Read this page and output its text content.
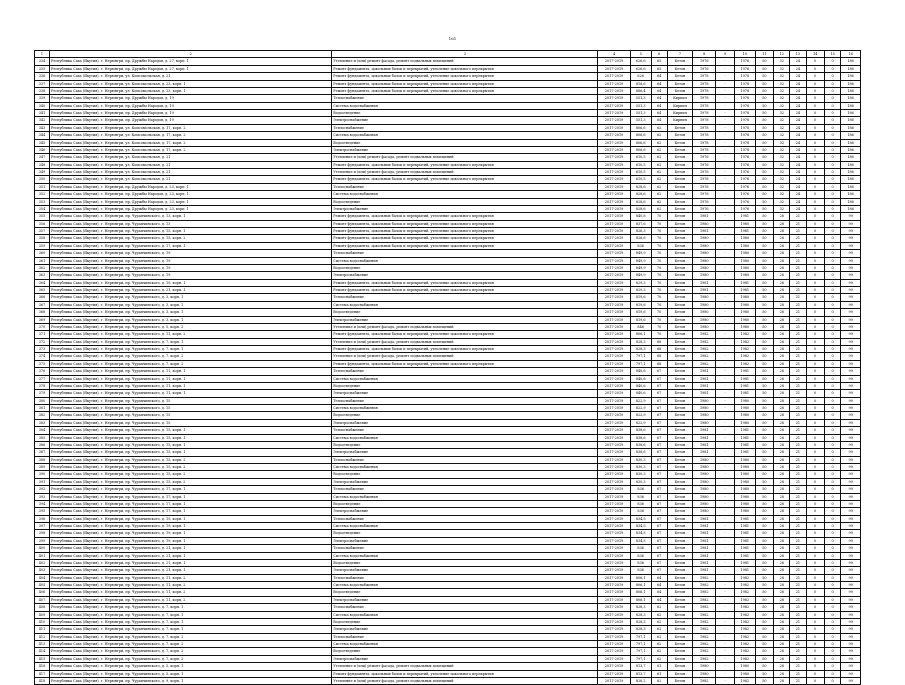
161
1	2	3	4	5	6	7	8	9	10	11	12	13	14	15	16
334	Республика Саха (Якутия), г. Нерюнгри, пр. Дружбы Народов, д. 27, корп. 1	Утепление и (или) ремонт фасада, ремонт подвальных помещений	2017-2019	626,6	65	Бетон	1976	-	1976	50	32	24	0	0	186
335	Республика Саха (Якутия), г. Нерюнгри, пр. Дружбы Народов, д. 27, корп. 1	Ремонт фундамента, цокольных балок и перекрытий, утепление цокольного перекрытия	2017-2019	626,6	65	Бетон	1976	-	1976	50	32	24	0	0	186
336	Республика Саха (Якутия), г. Нерюнгри, ул. Комсомольская, д. 21	Ремонт фундамента, цокольных балок и перекрытий, утепление цокольного перекрытия	2017-2019	626	64	Бетон	1978	-	1978	50	32	24	0	0	186
337	Республика Саха (Якутия), г. Нерюнгри, ул. Комсомольская, д. 23, корп. 1	Ремонт фундамента, цокольных балок и перекрытий, утепление цокольного перекрытия	2017-2019	818,6	64	Бетон	1978	-	1978	50	32	24	0	0	186
338	Республика Саха (Якутия), г. Нерюнгри, ул. Комсомольская, д. 23, корп. 1	Ремонт фундамента, цокольных балок и перекрытий, утепление цокольного перекрытия	2017-2019	886,4	64	Бетон	1978	-	1978	50	32	24	0	0	186
339	Республика Саха (Якутия), г. Нерюнгри, пр. Дружбы Народов, д. 19	Теплоснабжение	2017-2019	551,3	64	Кирпич	1978	-	1978	50	32	24	0	0	186
340	Республика Саха (Якутия), г. Нерюнгри, пр. Дружбы Народов, д. 19	Система водоснабжения	2017-2019	551,3	64	Кирпич	1978	-	1978	50	32	24	0	0	186
341	Республика Саха (Якутия), г. Нерюнгри, пр. Дружбы Народов, д. 19	Водоотведение	2017-2019	551,3	64	Кирпич	1978	-	1978	50	32	24	0	0	186
342	Республика Саха (Якутия), г. Нерюнгри, пр. Дружбы Народов, д. 19	Электроснабжение	2017-2019	551,3	64	Кирпич	1978	-	1978	50	32	24	0	0	186
343	Республика Саха (Якутия), г. Нерюнгри, ул. Комсомольская, д. 17, корп. 2	Теплоснабжение	2017-2019	806,6	62	Бетон	1978	-	1978	50	32	24	0	0	186
344	Республика Саха (Якутия), г. Нерюнгри, ул. Комсомольская, д. 17, корп. 2	Система водоснабжения	2017-2019	806,6	62	Бетон	1978	-	1978	50	32	24	0	0	186
345	Республика Саха (Якутия), г. Нерюнгри, ул. Комсомольская, д. 17, корп. 2	Водоотведение	2017-2019	806,6	62	Бетон	1978	-	1978	50	32	24	0	0	186
346	Республика Саха (Якутия), г. Нерюнгри, ул. Комсомольская, д. 17, корп. 2	Электроснабжение	2017-2019	806,6	62	Бетон	1978	-	1978	50	32	24	0	0	186
347	Республика Саха (Якутия), г. Нерюнгри, ул. Комсомольская, д. 21	Утепление и (или) ремонт фасада, ремонт подвальных помещений	2017-2019	610,5	62	Бетон	1976	-	1976	50	32	24	0	0	186
348	Республика Саха (Якутия), г. Нерюнгри, ул. Комсомольская, д. 21	Ремонт фундамента, цокольных балок и перекрытий, утепление цокольного перекрытия	2017-2019	610,5	62	Бетон	1976	-	1976	50	32	24	0	0	186
349	Республика Саха (Якутия), г. Нерюнгри, ул. Комсомольская, д. 21	Утепление и (или) ремонт фасада, ремонт подвальных помещений	2017-2019	610,5	62	Бетон	1976	-	1976	50	32	24	0	0	186
350	Республика Саха (Якутия), г. Нерюнгри, ул. Комсомольская, д. 21	Ремонт фундамента, цокольных балок и перекрытий, утепление цокольного перекрытия	2017-2019	610,5	62	Бетон	1976	-	1976	50	32	24	0	0	186
351	Республика Саха (Якутия), г. Нерюнгри, пр. Дружбы Народов, д. 23, корп. 1	Теплоснабжение	2017-2019	828,6	62	Бетон	1976	-	1976	50	32	24	0	0	186
352	Республика Саха (Якутия), г. Нерюнгри, пр. Дружбы Народов, д. 23, корп. 1	Система водоснабжения	2017-2019	828,6	62	Бетон	1976	-	1976	50	32	24	0	0	186
353	Республика Саха (Якутия), г. Нерюнгри, пр. Дружбы Народов, д. 23, корп. 1	Водоотведение	2017-2019	828,6	62	Бетон	1976	-	1976	50	32	24	0	0	186
354	Республика Саха (Якутия), г. Нерюнгри, пр. Дружбы Народов, д. 23, корп. 1	Электроснабжение	2017-2019	828,6	62	Бетон	1976	-	1976	50	32	24	0	0	186
355	Республика Саха (Якутия), г. Нерюнгри, пр. Чурапчинского, д. 13, корп. 1	Ремонт фундамента, цокольных балок и перекрытий, утепление цокольного перекрытия	2017-2019	840,8	70	Бетон	1981	-	1981	50	28	21	0	0	99
356	Республика Саха (Якутия), г. Нерюнгри, пр. Чурапчинского, д. 13	Ремонт фундамента, цокольных балок и перекрытий, утепление цокольного перекрытия	2017-2019	837,6	70	Бетон	1980	-	1980	50	28	21	0	0	99
357	Республика Саха (Якутия), г. Нерюнгри, пр. Чурапчинского, д. 15, корп. 1	Ремонт фундамента, цокольных балок и перекрытий, утепление цокольного перекрытия	2017-2019	826,3	70	Бетон	1981	-	1981	50	28	21	0	0	99
358	Республика Саха (Якутия), г. Нерюнгри, пр. Чурапчинского, д. 15, корп. 2	Ремонт фундамента, цокольных балок и перекрытий, утепление цокольного перекрытия	2017-2019	826,6	70	Бетон	1980	-	1980	50	28	21	0	0	99
359	Республика Саха (Якутия), г. Нерюнгри, пр. Чурапчинского, д. 17, корп. 1	Ремонт фундамента, цокольных балок и перекрытий, утепление цокольного перекрытия	2017-2019	836	70	Бетон	1980	-	1980	50	28	21	0	0	99
360	Республика Саха (Якутия), г. Нерюнгри, пр. Чурапчинского, д. 19	Теплоснабжение	2017-2019	849,9	70	Бетон	1980	-	1980	50	28	21	0	0	99
361	Республика Саха (Якутия), г. Нерюнгри, пр. Чурапчинского, д. 19	Система водоснабжения	2017-2019	849,9	70	Бетон	1980	-	1980	50	28	21	0	0	99
362	Республика Саха (Якутия), г. Нерюнгри, пр. Чурапчинского, д. 19	Водоотведение	2017-2019	849,9	70	Бетон	1980	-	1980	50	28	21	0	0	99
363	Республика Саха (Якутия), г. Нерюнгри, пр. Чурапчинского, д. 19	Электроснабжение	2017-2019	849,9	70	Бетон	1980	-	1980	50	28	21	0	0	99
364	Республика Саха (Якутия), г. Нерюнгри, пр. Чурапчинского, д. 19, корп. 1	Ремонт фундамента, цокольных балок и перекрытий, утепление цокольного перекрытия	2017-2019	829,3	70	Бетон	1981	-	1981	50	28	21	0	0	99
365	Республика Саха (Якутия), г. Нерюнгри, пр. Чурапчинского, д. 21, корп. 1	Ремонт фундамента, цокольных балок и перекрытий, утепление цокольного перекрытия	2017-2019	829,3	70	Бетон	1981	-	1981	50	28	21	0	0	99
366	Республика Саха (Якутия), г. Нерюнгри, пр. Чурапчинского, д. 3, корп. 1	Теплоснабжение	2017-2019	819,6	70	Бетон	1980	-	1980	50	28	21	0	0	99
367	Республика Саха (Якутия), г. Нерюнгри, пр. Чурапчинского, д. 3, корп. 1	Система водоснабжения	2017-2019	819,6	70	Бетон	1980	-	1980	50	28	21	0	0	99
368	Республика Саха (Якутия), г. Нерюнгри, пр. Чурапчинского, д. 3, корп. 1	Водоотведение	2017-2019	819,6	70	Бетон	1980	-	1980	50	28	21	0	0	99
369	Республика Саха (Якутия), г. Нерюнгри, пр. Чурапчинского, д. 3, корп. 1	Электроснабжение	2017-2019	819,6	70	Бетон	1980	-	1980	50	28	21	0	0	99
370	Республика Саха (Якутия), г. Нерюнгри, пр. Чурапчинского, д. 5, корп. 2	Утепление и (или) ремонт фасада, ремонт подвальных помещений	2017-2019	846	70	Бетон	1980	-	1980	50	28	21	0	0	99
371	Республика Саха (Якутия), г. Нерюнгри, пр. Чурапчинского, д. 11, корп. 2	Ремонт фундамента, цокольных балок и перекрытий, утепление цокольного перекрытия	2017-2019	806,1	70	Бетон	1982	-	1982	50	28	21	0	0	99
372	Республика Саха (Якутия), г. Нерюнгри, пр. Чурапчинского, д. 7, корп. 1	Утепление и (или) ремонт фасада, ремонт подвальных помещений	2017-2019	828,3	68	Бетон	1982	-	1982	50	28	21	0	0	99
373	Республика Саха (Якутия), г. Нерюнгри, пр. Чурапчинского, д. 7, корп. 1	Ремонт фундамента, цокольных балок и перекрытий, утепление цокольного перекрытия	2017-2019	828,3	68	Бетон	1982	-	1982	50	28	21	0	0	99
374	Республика Саха (Якутия), г. Нерюнгри, пр. Чурапчинского, д. 7, корп. 2	Утепление и (или) ремонт фасада, ремонт подвальных помещений	2017-2019	797,1	68	Бетон	1982	-	1982	50	28	21	0	0	99
375	Республика Саха (Якутия), г. Нерюнгри, пр. Чурапчинского, д. 7, корп. 2	Ремонт фундамента, цокольных балок и перекрытий, утепление цокольного перекрытия	2017-2019	797,1	68	Бетон	1982	-	1982	50	28	21	0	0	99
376	Республика Саха (Якутия), г. Нерюнгри, пр. Чурапчинского, д. 11, корп. 1	Теплоснабжение	2017-2019	840,6	67	Бетон	1981	-	1981	50	28	21	0	0	99
377	Республика Саха (Якутия), г. Нерюнгри, пр. Чурапчинского, д. 11, корп. 1	Система водоснабжения	2017-2019	840,6	67	Бетон	1981	-	1981	50	28	21	0	0	99
378	Республика Саха (Якутия), г. Нерюнгри, пр. Чурапчинского, д. 11, корп. 1	Водоотведение	2017-2019	840,6	67	Бетон	1981	-	1981	50	28	21	0	0	99
379	Республика Саха (Якутия), г. Нерюнгри, пр. Чурапчинского, д. 11, корп. 1	Электроснабжение	2017-2019	840,6	67	Бетон	1981	-	1981	50	28	21	0	0	99
380	Республика Саха (Якутия), г. Нерюнгри, пр. Чурапчинского, д. 15	Теплоснабжение	2017-2019	822,9	67	Бетон	1980	-	1980	50	28	21	0	0	99
381	Республика Саха (Якутия), г. Нерюнгри, пр. Чурапчинского, д. 15	Система водоснабжения	2017-2019	822,9	67	Бетон	1980	-	1980	50	28	21	0	0	99
382	Республика Саха (Якутия), г. Нерюнгри, пр. Чурапчинского, д. 15	Водоотведение	2017-2019	822,9	67	Бетон	1980	-	1980	50	28	21	0	0	99
383	Республика Саха (Якутия), г. Нерюнгри, пр. Чурапчинского, д. 15	Электроснабжение	2017-2019	822,9	67	Бетон	1980	-	1980	50	28	21	0	0	99
384	Республика Саха (Якутия), г. Нерюнгри, пр. Чурапчинского, д. 15, корп. 1	Теплоснабжение	2017-2019	838,6	67	Бетон	1981	-	1981	50	28	21	0	0	99
385	Республика Саха (Якутия), г. Нерюнгри, пр. Чурапчинского, д. 15, корп. 1	Система водоснабжения	2017-2019	838,6	67	Бетон	1981	-	1981	50	28	21	0	0	99
386	Республика Саха (Якутия), г. Нерюнгри, пр. Чурапчинского, д. 15, корп. 1	Водоотведение	2017-2019	838,6	67	Бетон	1981	-	1981	50	28	21	0	0	99
387	Республика Саха (Якутия), г. Нерюнгри, пр. Чурапчинского, д. 15, корп. 1	Электроснабжение	2017-2019	838,6	67	Бетон	1981	-	1981	50	28	21	0	0	99
388	Республика Саха (Якутия), г. Нерюнгри, пр. Чурапчинского, д. 15, корп. 2	Теплоснабжение	2017-2019	830,3	67	Бетон	1980	-	1980	50	28	21	0	0	99
389	Республика Саха (Якутия), г. Нерюнгри, пр. Чурапчинского, д. 15, корп. 2	Система водоснабжения	2017-2019	830,3	67	Бетон	1980	-	1980	50	28	21	0	0	99
390	Республика Саха (Якутия), г. Нерюнгри, пр. Чурапчинского, д. 15, корп. 2	Водоотведение	2017-2019	830,3	67	Бетон	1980	-	1980	50	28	21	0	0	99
391	Республика Саха (Якутия), г. Нерюнгри, пр. Чурапчинского, д. 15, корп. 2	Электроснабжение	2017-2019	830,3	67	Бетон	1980	-	1980	50	28	21	0	0	99
392	Республика Саха (Якутия), г. Нерюнгри, пр. Чурапчинского, д. 17, корп. 1	Теплоснабжение	2017-2019	836	67	Бетон	1980	-	1980	50	28	21	0	0	99
393	Республика Саха (Якутия), г. Нерюнгри, пр. Чурапчинского, д. 17, корп. 1	Система водоснабжения	2017-2019	836	67	Бетон	1980	-	1980	50	28	21	0	0	99
394	Республика Саха (Якутия), г. Нерюнгри, пр. Чурапчинского, д. 17, корп. 1	Водоотведение	2017-2019	836	67	Бетон	1980	-	1980	50	28	21	0	0	99
395	Республика Саха (Якутия), г. Нерюнгри, пр. Чурапчинского, д. 17, корп. 1	Электроснабжение	2017-2019	836	67	Бетон	1980	-	1980	50	28	21	0	0	99
396	Республика Саха (Якутия), г. Нерюнгри, пр. Чурапчинского, д. 19, корп. 1	Теплоснабжение	2017-2019	834,5	67	Бетон	1981	-	1981	50	28	21	0	0	99
397	Республика Саха (Якутия), г. Нерюнгри, пр. Чурапчинского, д. 19, корп. 1	Система водоснабжения	2017-2019	834,5	67	Бетон	1981	-	1981	50	28	21	0	0	99
398	Республика Саха (Якутия), г. Нерюнгри, пр. Чурапчинского, д. 19, корп. 1	Водоотведение	2017-2019	834,5	67	Бетон	1981	-	1981	50	28	21	0	0	99
399	Республика Саха (Якутия), г. Нерюнгри, пр. Чурапчинского, д. 19, корп. 1	Электроснабжение	2017-2019	834,5	67	Бетон	1981	-	1981	50	28	21	0	0	99
400	Республика Саха (Якутия), г. Нерюнгри, пр. Чурапчинского, д. 21, корп. 1	Теплоснабжение	2017-2019	836	67	Бетон	1981	-	1981	50	28	21	0	0	99
401	Республика Саха (Якутия), г. Нерюнгри, пр. Чурапчинского, д. 21, корп. 1	Система водоснабжения	2017-2019	836	67	Бетон	1981	-	1981	50	28	21	0	0	99
402	Республика Саха (Якутия), г. Нерюнгри, пр. Чурапчинского, д. 21, корп. 1	Водоотведение	2017-2019	836	67	Бетон	1981	-	1981	50	28	21	0	0	99
403	Республика Саха (Якутия), г. Нерюнгри, пр. Чурапчинского, д. 21, корп. 1	Электроснабжение	2017-2019	836	67	Бетон	1981	-	1981	50	28	21	0	0	99
404	Республика Саха (Якутия), г. Нерюнгри, пр. Чурапчинского, д. 11, корп. 2	Теплоснабжение	2017-2019	806,1	64	Бетон	1982	-	1982	50	28	21	0	0	99
405	Республика Саха (Якутия), г. Нерюнгри, пр. Чурапчинского, д. 11, корп. 2	Система водоснабжения	2017-2019	806,1	64	Бетон	1982	-	1982	50	28	21	0	0	99
406	Республика Саха (Якутия), г. Нерюнгри, пр. Чурапчинского, д. 11, корп. 2	Водоотведение	2017-2019	806,1	64	Бетон	1982	-	1982	50	28	21	0	0	99
407	Республика Саха (Якутия), г. Нерюнгри, пр. Чурапчинского, д. 11, корп. 2	Электроснабжение	2017-2019	806,1	64	Бетон	1982	-	1982	50	28	21	0	0	99
408	Республика Саха (Якутия), г. Нерюнгри, пр. Чурапчинского, д. 7, корп. 1	Теплоснабжение	2017-2019	828,3	62	Бетон	1982	-	1982	50	28	21	0	0	99
409	Республика Саха (Якутия), г. Нерюнгри, пр. Чурапчинского, д. 7, корп. 1	Система водоснабжения	2017-2019	828,3	62	Бетон	1982	-	1982	50	28	21	0	0	99
410	Республика Саха (Якутия), г. Нерюнгри, пр. Чурапчинского, д. 7, корп. 1	Водоотведение	2017-2019	828,3	62	Бетон	1982	-	1982	50	28	21	0	0	99
411	Республика Саха (Якутия), г. Нерюнгри, пр. Чурапчинского, д. 7, корп. 1	Электроснабжение	2017-2019	828,3	62	Бетон	1982	-	1982	50	28	21	0	0	99
412	Республика Саха (Якутия), г. Нерюнгри, пр. Чурапчинского, д. 7, корп. 2	Теплоснабжение	2017-2019	797,1	62	Бетон	1982	-	1982	50	28	21	0	0	99
413	Республика Саха (Якутия), г. Нерюнгри, пр. Чурапчинского, д. 7, корп. 2	Система водоснабжения	2017-2019	797,1	62	Бетон	1982	-	1982	50	28	21	0	0	99
414	Республика Саха (Якутия), г. Нерюнгри, пр. Чурапчинского, д. 7, корп. 2	Водоотведение	2017-2019	797,1	62	Бетон	1982	-	1982	50	28	21	0	0	99
415	Республика Саха (Якутия), г. Нерюнгри, пр. Чурапчинского, д. 7, корп. 2	Электроснабжение	2017-2019	797,1	62	Бетон	1982	-	1982	50	28	21	0	0	99
416	Республика Саха (Якутия), г. Нерюнгри, пр. Чурапчинского, д. 5, корп. 1	Утепление и (или) ремонт фасада, ремонт подвальных помещений	2017-2019	813,7	61	Бетон	1980	-	1980	50	28	21	0	0	99
417	Республика Саха (Якутия), г. Нерюнгри, пр. Чурапчинского, д. 5, корп. 1	Ремонт фундамента, цокольных балок и перекрытий, утепление цокольного перекрытия	2017-2019	813,7	61	Бетон	1980	-	1980	50	28	21	0	0	99
418	Республика Саха (Якутия), г. Нерюнгри, пр. Чурапчинского, д. 9, корп. 1	Утепление и (или) ремонт фасада, ремонт подвальных помещений	2017-2019	826,2	62	Бетон	1982	-	1982	50	28	21	0	0	99
